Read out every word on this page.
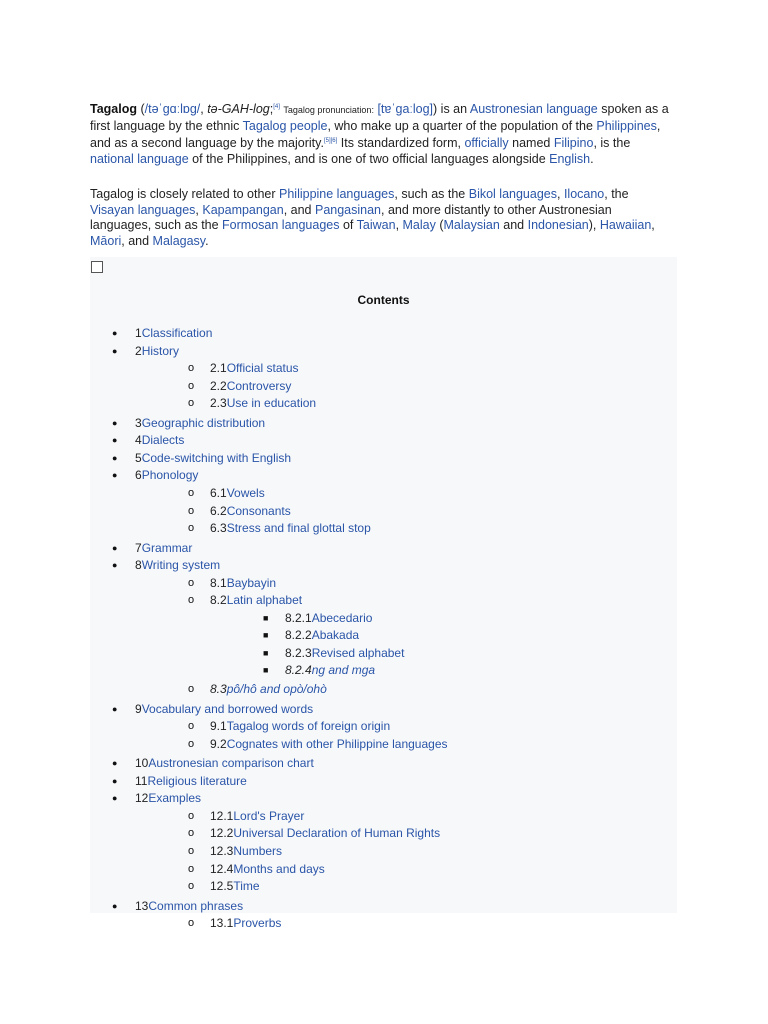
Tagalog (/təˈɡɑːlɒɡ/, tə-GAH-log;[4] Tagalog pronunciation: [tɐˈɡaːloɡ]) is an Austronesian language spoken as a first language by the ethnic Tagalog people, who make up a quarter of the population of the Philippines, and as a second language by the majority.[5][6] Its standardized form, officially named Filipino, is the national language of the Philippines, and is one of two official languages alongside English.

Tagalog is closely related to other Philippine languages, such as the Bikol languages, Ilocano, the Visayan languages, Kapampangan, and Pangasinan, and more distantly to other Austronesian languages, such as the Formosan languages of Taiwan, Malay (Malaysian and Indonesian), Hawaiian, Māori, and Malagasy.

Contents
● 1Classification
● 2History
o 2.1Official status
o 2.2Controversy
o 2.3Use in education
● 3Geographic distribution
● 4Dialects
● 5Code-switching with English
● 6Phonology
o 6.1Vowels
o 6.2Consonants
o 6.3Stress and final glottal stop
● 7Grammar
● 8Writing system
o 8.1Baybayin
o 8.2Latin alphabet
■ 8.2.1Abecedario
■ 8.2.2Abakada
■ 8.2.3Revised alphabet
■ 8.2.4ng and mga
o 8.3pô/hô and opò/ohò
● 9Vocabulary and borrowed words
o 9.1Tagalog words of foreign origin
o 9.2Cognates with other Philippine languages
● 10Austronesian comparison chart
● 11Religious literature
● 12Examples
o 12.1Lord's Prayer
o 12.2Universal Declaration of Human Rights
o 12.3Numbers
o 12.4Months and days
o 12.5Time
● 13Common phrases
o 13.1Proverbs
